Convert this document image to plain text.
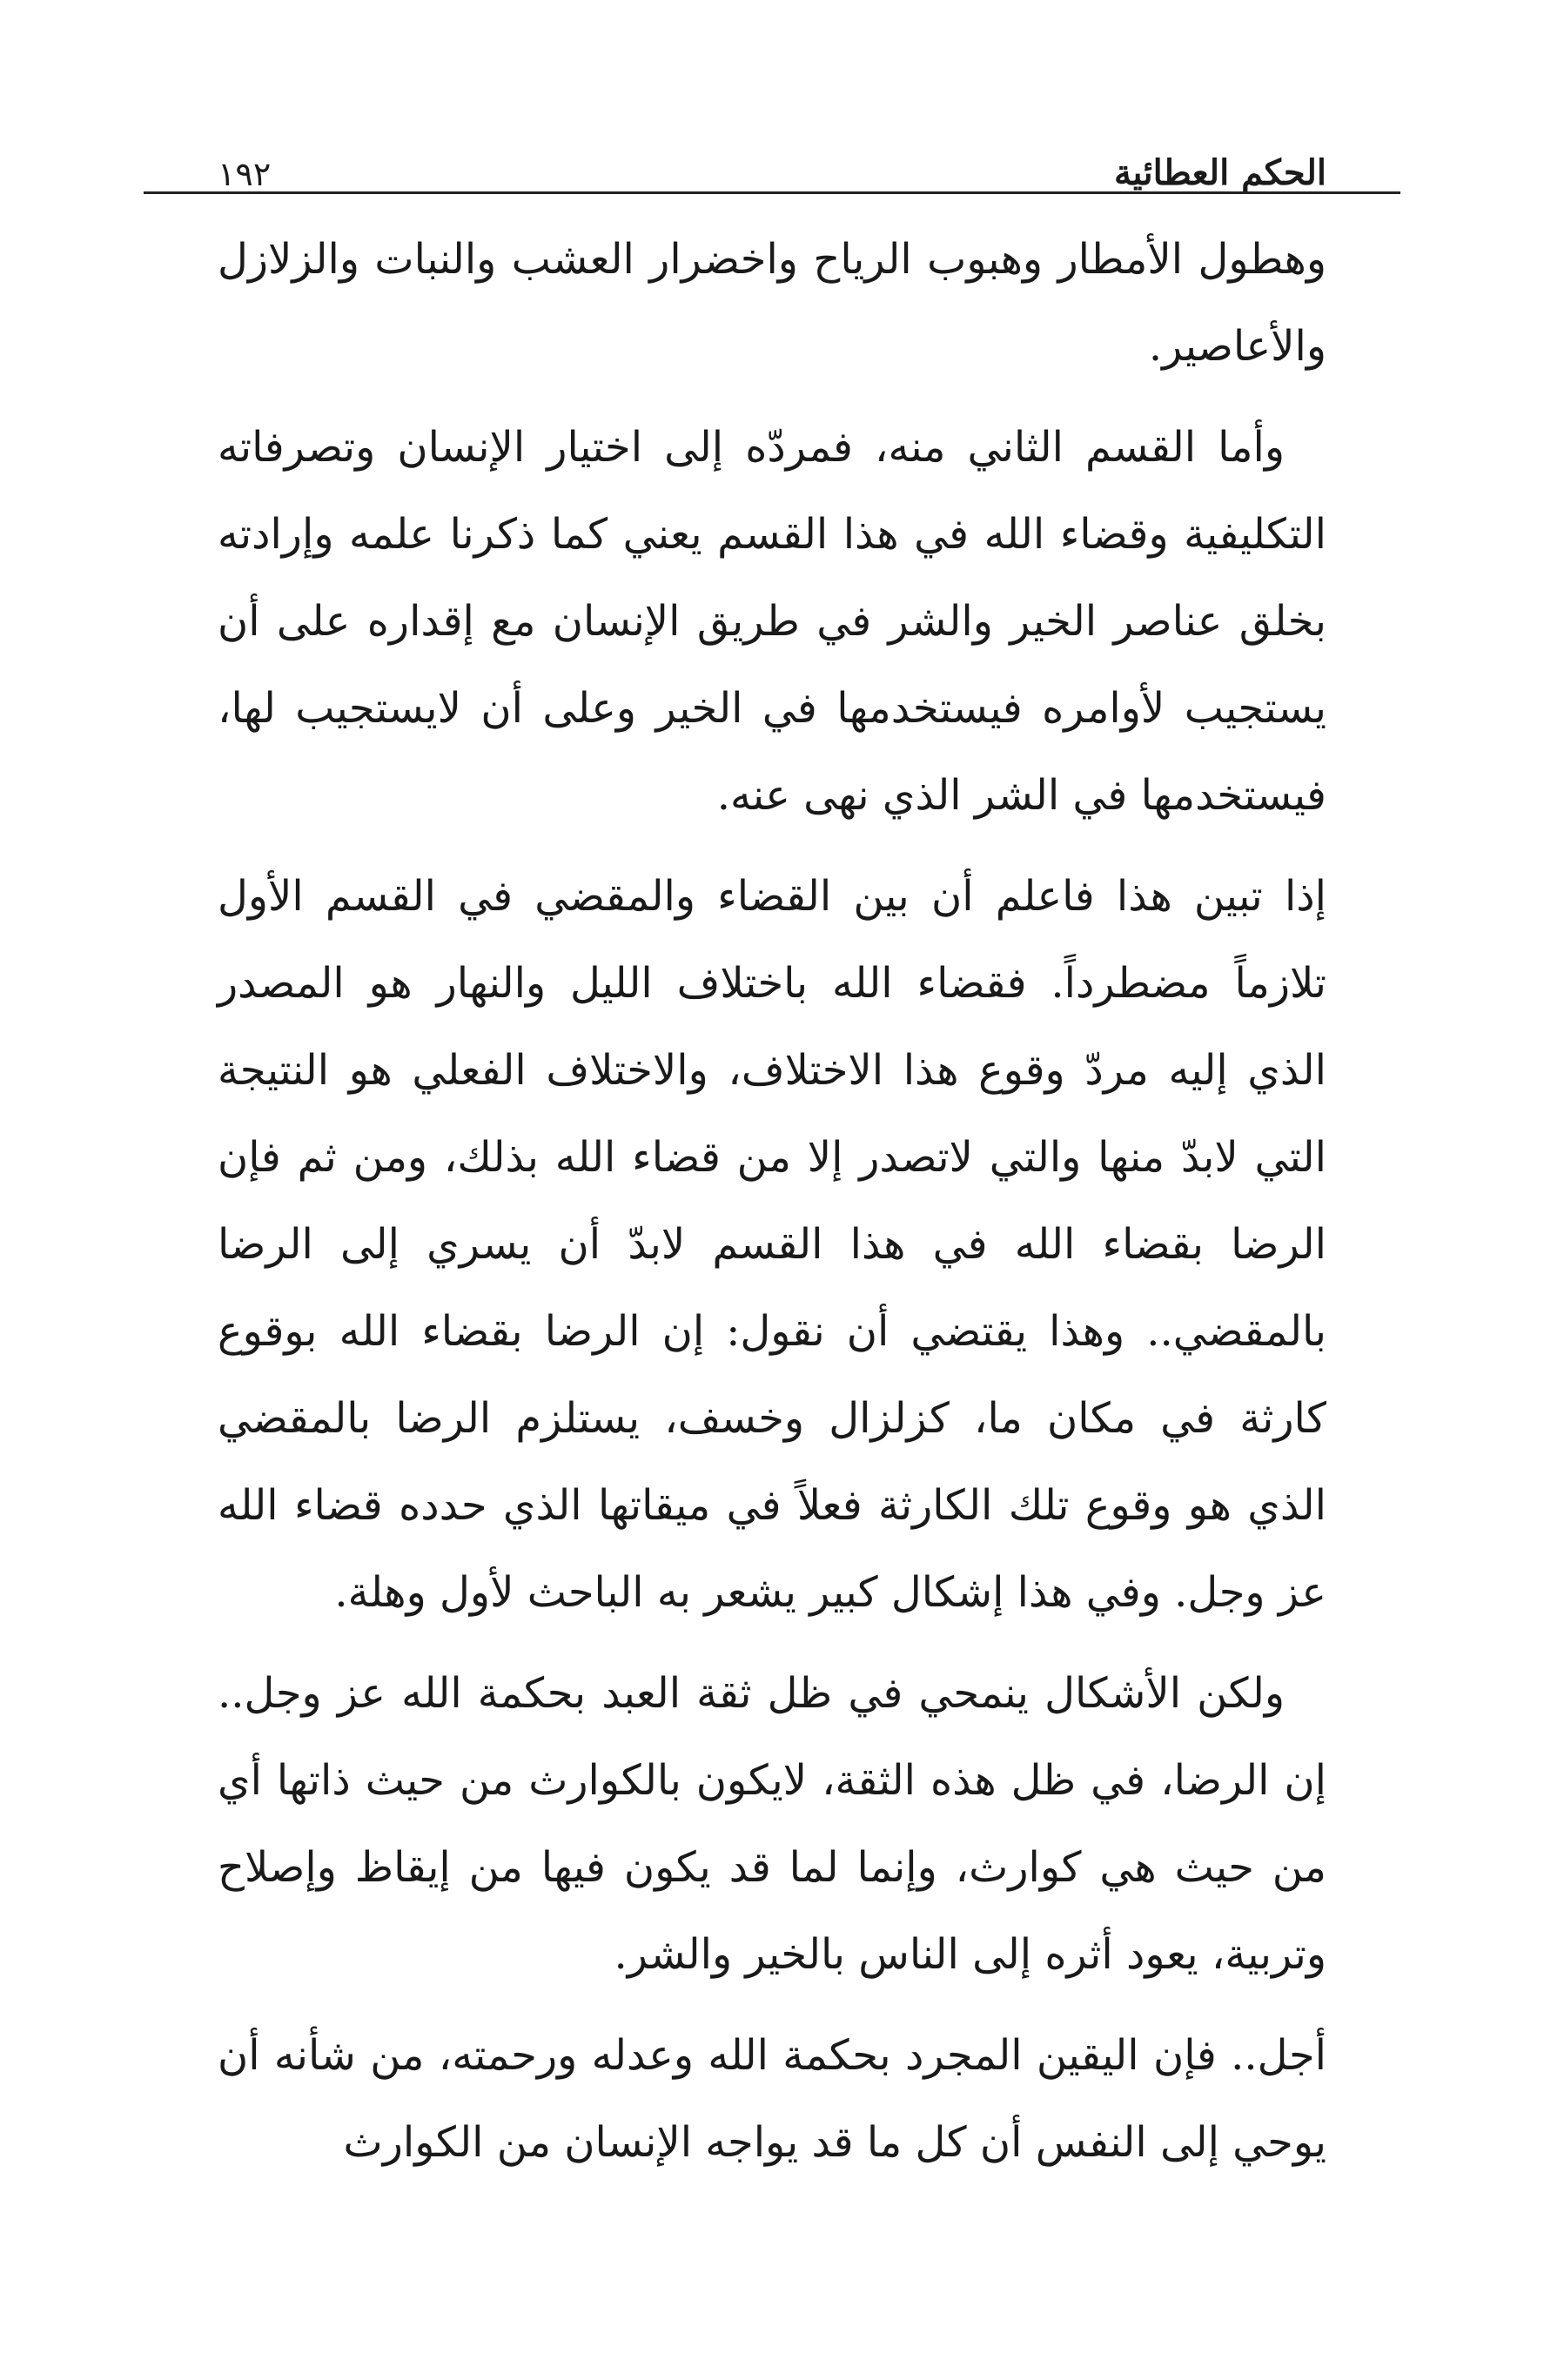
الحكم العطائية
١٩٢

وهطول الأمطار وهبوب الرياح واخضرار العشب والنبات والزلازل والأعاصير.

وأما القسم الثاني منه، فمردّه إلى اختيار الإنسان وتصرفاته التكليفية وقضاء الله في هذا القسم يعني كما ذكرنا علمه وإرادته بخلق عناصر الخير والشر في طريق الإنسان مع إقداره على أن يستجيب لأوامره فيستخدمها في الخير وعلى أن لايستجيب لها، فيستخدمها في الشر الذي نهى عنه.

إذا تبين هذا فاعلم أن بين القضاء والمقضي في القسم الأول تلازماً مضطرداً. فقضاء الله باختلاف الليل والنهار هو المصدر الذي إليه مردّ وقوع هذا الاختلاف، والاختلاف الفعلي هو النتيجة التي لابدّ منها والتي لاتصدر إلا من قضاء الله بذلك، ومن ثم فإن الرضا بقضاء الله في هذا القسم لابدّ أن يسري إلى الرضا بالمقضي.. وهذا يقتضي أن نقول: إن الرضا بقضاء الله بوقوع كارثة في مكان ما، كزلزال وخسف، يستلزم الرضا بالمقضي الذي هو وقوع تلك الكارثة فعلاً في ميقاتها الذي حدده قضاء الله عز وجل. وفي هذا إشكال كبير يشعر به الباحث لأول وهلة.

ولكن الأشكال ينمحي في ظل ثقة العبد بحكمة الله عز وجل.. إن الرضا، في ظل هذه الثقة، لايكون بالكوارث من حيث ذاتها أي من حيث هي كوارث، وإنما لما قد يكون فيها من إيقاظ وإصلاح وتربية، يعود أثره إلى الناس بالخير والشر.

أجل.. فإن اليقين المجرد بحكمة الله وعدله ورحمته، من شأنه أن يوحي إلى النفس أن كل ما قد يواجه الإنسان من الكوارث
